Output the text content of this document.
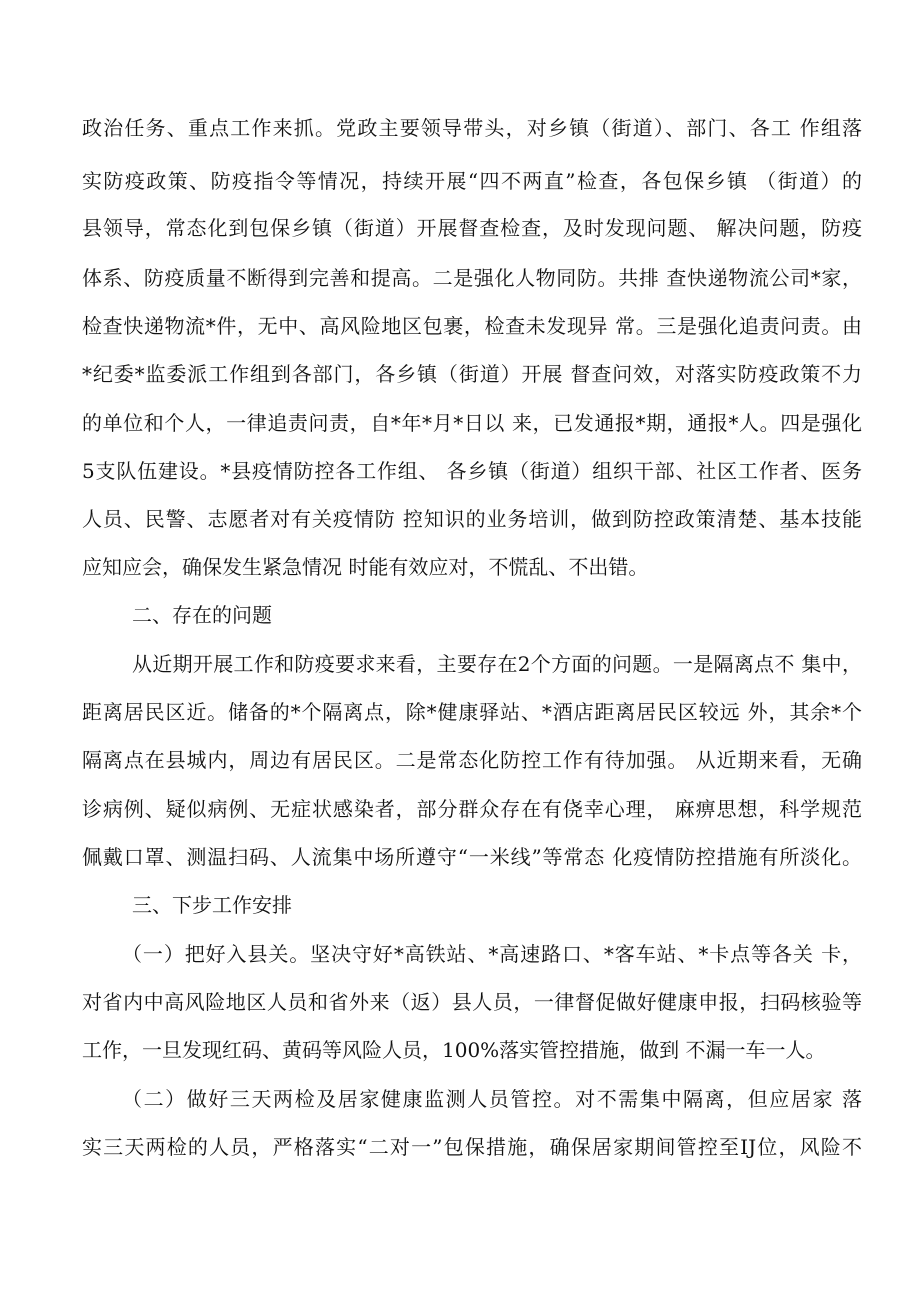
政治任务、重点工作来抓。党政主要领导带头，对乡镇（街道）、部门、各工 作组落
实防疫政策、防疫指令等情况，持续开展“四不两直”检查，各包保乡镇 （街道）的
县领导，常态化到包保乡镇（街道）开展督查检查，及时发现问题、 解决问题，防疫
体系、防疫质量不断得到完善和提高。二是强化人物同防。共排 查快递物流公司*家，
检查快递物流*件，无中、高风险地区包裹，检查未发现异 常。三是强化追责问责。由
*纪委*监委派工作组到各部门，各乡镇（街道）开展 督查问效，对落实防疫政策不力
的单位和个人，一律追责问责，自*年*月*日以 来，已发通报*期，通报*人。四是强化
5支队伍建设。*县疫情防控各工作组、 各乡镇（街道）组织干部、社区工作者、医务
人员、民警、志愿者对有关疫情防 控知识的业务培训，做到防控政策清楚、基本技能
应知应会，确保发生紧急情况 时能有效应对，不慌乱、不出错。
二、存在的问题
从近期开展工作和防疫要求来看，主要存在2个方面的问题。一是隔离点不 集中，
距离居民区近。储备的*个隔离点，除*健康驿站、*酒店距离居民区较远 外，其余*个
隔离点在县城内，周边有居民区。二是常态化防控工作有待加强。 从近期来看，无确
诊病例、疑似病例、无症状感染者，部分群众存在有侥幸心理， 麻痹思想，科学规范
佩戴口罩、测温扫码、人流集中场所遵守“一米线”等常态 化疫情防控措施有所淡化。
三、下步工作安排
（一）把好入县关。坚决守好*高铁站、*高速路口、*客车站、*卡点等各关 卡，
对省内中高风险地区人员和省外来（返）县人员，一律督促做好健康申报，扫码核验等
工作，一旦发现红码、黄码等风险人员，100%落实管控措施，做到 不漏一车一人。
（二）做好三天两检及居家健康监测人员管控。对不需集中隔离，但应居家 落
实三天两检的人员，严格落实“二对一”包保措施，确保居家期间管控至IJ位，风险不
